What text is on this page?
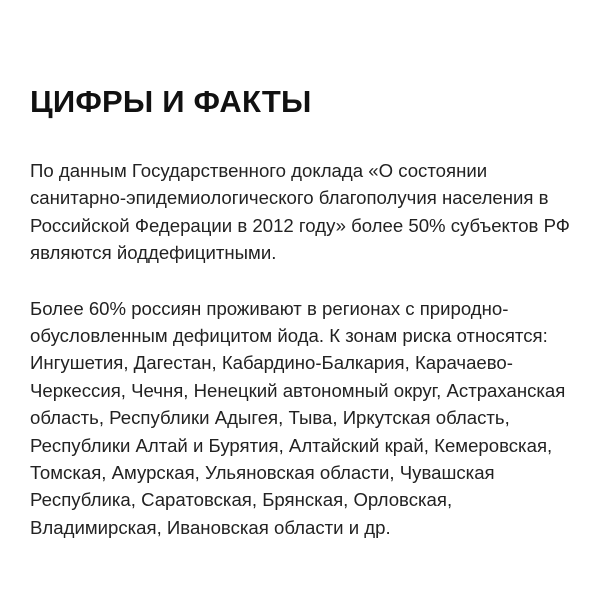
ЦИФРЫ И ФАКТЫ

По данным Государственного доклада «О состоянии санитарно-эпидемиологического благополучия населения в Российской Федерации в 2012 году» более 50% субъектов РФ являются йоддефицитными.

Более 60% россиян проживают в регионах с природно-обусловленным дефицитом йода. К зонам риска относятся: Ингушетия, Дагестан, Кабардино-Балкария, Карачаево-Черкессия, Чечня, Ненецкий автономный округ, Астраханская область, Республики Адыгея, Тыва, Иркутская область, Республики Алтай и Бурятия, Алтайский край, Кемеровская, Томская, Амурская, Ульяновская области, Чувашская Республика, Саратовская, Брянская, Орловская, Владимирская, Ивановская области и др.
